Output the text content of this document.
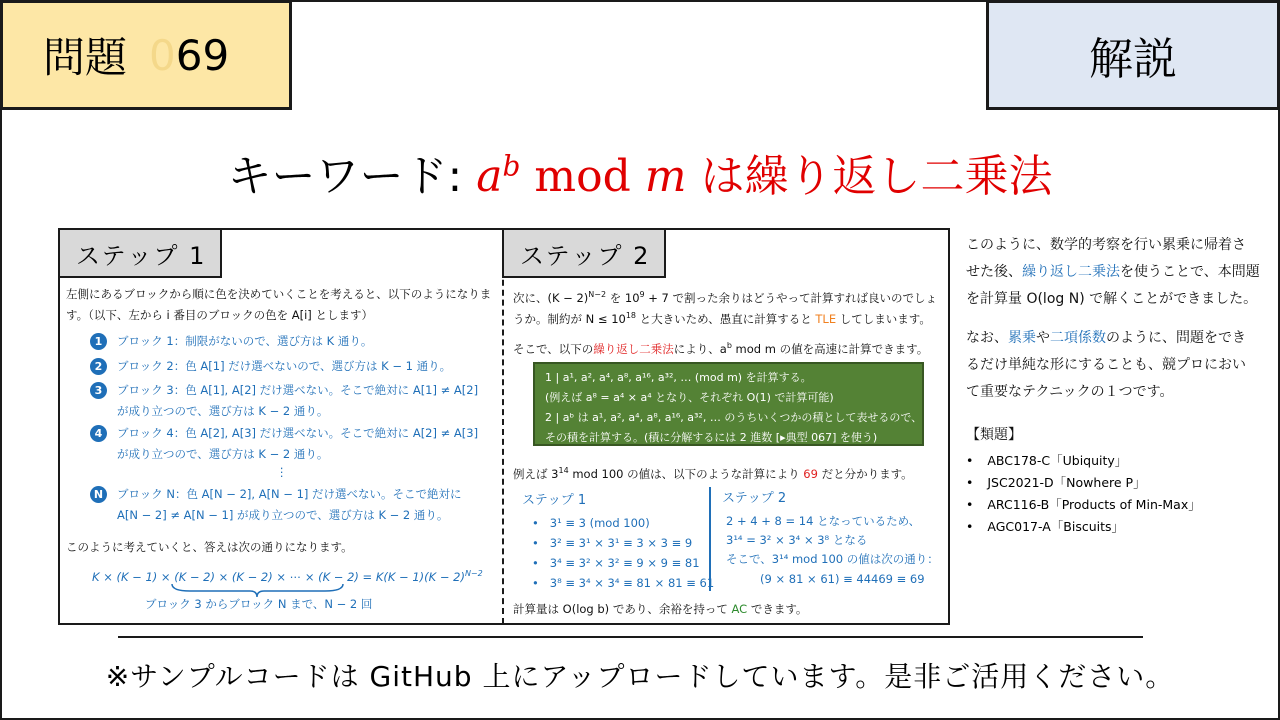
問題 0 69	解説
キーワード: $a^b$ mod m は繰り返し二乗法
ステップ 1
左側にあるブロックから順に色を決めていくことを考えると、以下のようになりま
す。（以下、左から i 番目のブロックの色を A[i] とします）
1 ブロック 1：制限がないので、選び方は K 通り。
2 ブロック 2：色 A[1] だけ選べないので、選び方は K − 1 通り。
3 ブロック 3：色 A[1], A[2] だけ選べない。そこで絶対に A[1] ≠ A[2]
が成り立つので、選び方は K − 2 通り。
4 ブロック 4：色 A[2], A[3] だけ選べない。そこで絶対に A[2] ≠ A[3]
が成り立つので、選び方は K − 2 通り。
⋮
N ブロック N：色 A[N − 2], A[N − 1] だけ選べない。そこで絶対に
A[N − 2] ≠ A[N − 1] が成り立つので、選び方は K − 2 通り。
このように考えていくと、答えは次の通りになります。
K × (K − 1) × (K − 2) × (K − 2) × ⋯ × $(K - 2) = K(K - 1)(K - 2)^{N-2}$
ブロック 3 からブロック N まで、N − 2 回
ステップ 2
次に、$(K - 2)^{N-2}$ を $10^9 + 7$ で割った余りはどうやって計算すれば良いのでしょ
うか。制約が $N \le 10^{18}$ と大きいため、愚直に計算すると TLE してしまいます。
そこで、以下の繰り返し二乗法により、$a^b$ mod m の値を高速に計算できます。
1 | a¹, a², a⁴, a⁸, a¹⁶, a³², … (mod m) を計算する。
(例えば a⁸ = a⁴ × a⁴ となり、それぞれ O(1) で計算可能)
2 | aᵇ は a¹, a², a⁴, a⁸, a¹⁶, a³², … のうちいくつかの積として表せるので、
その積を計算する。(積に分解するには 2 進数 [▸典型 067] を使う)
例えば $3^{14}$ mod 100 の値は、以下のような計算により 69 だと分かります。
ステップ 1
•   3¹ ≡ 3 (mod 100)
•   3² ≡ 3¹ × 3¹ ≡ 3 × 3 ≡ 9
•   3⁴ ≡ 3² × 3² ≡ 9 × 9 ≡ 81
•   3⁸ ≡ 3⁴ × 3⁴ ≡ 81 × 81 ≡ 61
ステップ 2
2 + 4 + 8 = 14 となっているため、
3¹⁴ = 3² × 3⁴ × 3⁸ となる
そこで、3¹⁴ mod 100 の値は次の通り：
(9 × 81 × 61) ≡ 44469 ≡ 69
計算量は O(log b) であり、余裕を持って AC できます。
このように、数学的考察を行い累乗に帰着さ
せた後、繰り返し二乗法を使うことで、本問題
を計算量 O(log N) で解くことができました。
なお、累乗や二項係数のように、問題をでき
るだけ単純な形にすることも、競プロにおい
て重要なテクニックの１つです。
【類題】
• ABC178-C「Ubiquity」
• JSC2021-D「Nowhere P」
• ARC116-B「Products of Min-Max」
• AGC017-A「Biscuits」
※サンプルコードは GitHub 上にアップロードしています。是非ご活用ください。
